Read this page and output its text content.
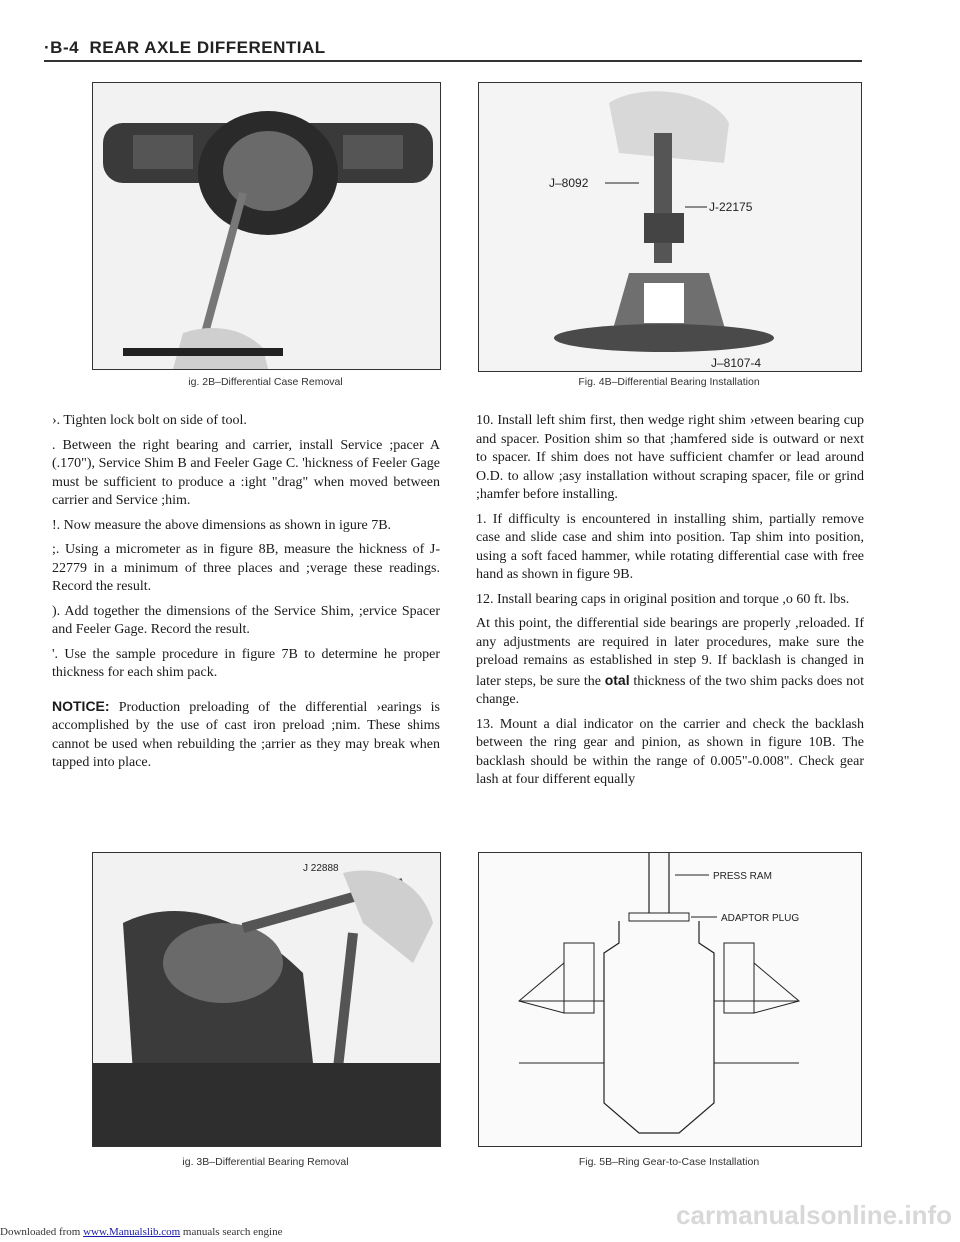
·B-4 REAR AXLE DIFFERENTIAL
ig. 2B–Differential Case Removal
J–8092
J-22175
J–8107-4
Fig. 4B–Differential Bearing Installation

›. Tighten lock bolt on side of tool.

. Between the right bearing and carrier, install Service ;pacer A (.170"), Service Shim B and Feeler Gage C. 'hickness of Feeler Gage must be sufficient to produce a :ight "drag" when moved between carrier and Service ;him.

!. Now measure the above dimensions as shown in igure 7B.

;. Using a micrometer as in figure 8B, measure the hickness of J-22779 in a minimum of three places and ;verage these readings. Record the result.

). Add together the dimensions of the Service Shim, ;ervice Spacer and Feeler Gage. Record the result.

'. Use the sample procedure in figure 7B to determine he proper thickness for each shim pack.

NOTICE: Production preloading of the differential ›earings is accomplished by the use of cast iron preload ;nim. These shims cannot be used when rebuilding the ;arrier as they may break when tapped into place.

10. Install left shim first, then wedge right shim ›etween bearing cup and spacer. Position shim so that ;hamfered side is outward or next to spacer. If shim does not have sufficient chamfer or lead around O.D. to allow ;asy installation without scraping spacer, file or grind ;hamfer before installing.

1. If difficulty is encountered in installing shim, partially remove case and slide case and shim into position. Tap shim into position, using a soft faced hammer, while rotating differential case with free hand as shown in figure 9B.

12. Install bearing caps in original position and torque ,o 60 ft. lbs.

At this point, the differential side bearings are properly ,reloaded. If any adjustments are required in later procedures, make sure the preload remains as established in step 9. If backlash is changed in later steps, be sure the otal thickness of the two shim packs does not change.

13. Mount a dial indicator on the carrier and check the backlash between the ring gear and pinion, as shown in figure 10B. The backlash should be within the range of 0.005"-0.008". Check gear lash at four different equally

J 22888
ig. 3B–Differential Bearing Removal
PRESS RAM
ADAPTOR PLUG
Fig. 5B–Ring Gear-to-Case Installation
carmanualsonline.info
Downloaded from www.Manualslib.com manuals search engine
